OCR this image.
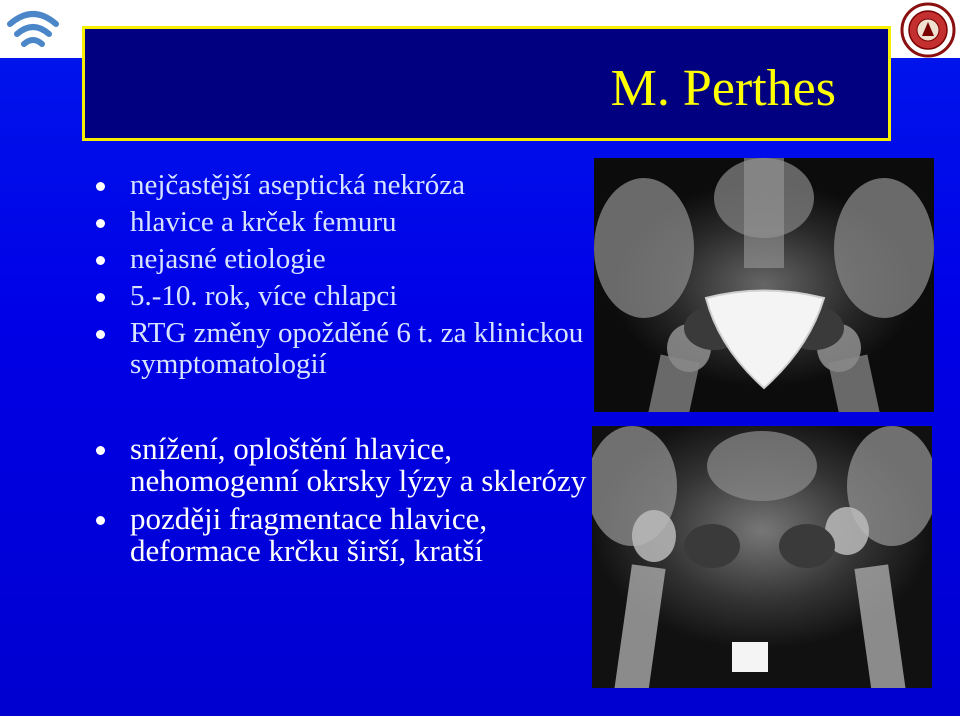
M. Perthes
nejčastější aseptická nekróza
hlavice a krček femuru
nejasné etiologie
5.-10. rok, více chlapci
RTG změny opožděné 6 t. za klinickou symptomatologií
snížení, oploštění hlavice, nehomogenní okrsky lýzy a sklerózy
později fragmentace hlavice, deformace krčku širší, kratší
